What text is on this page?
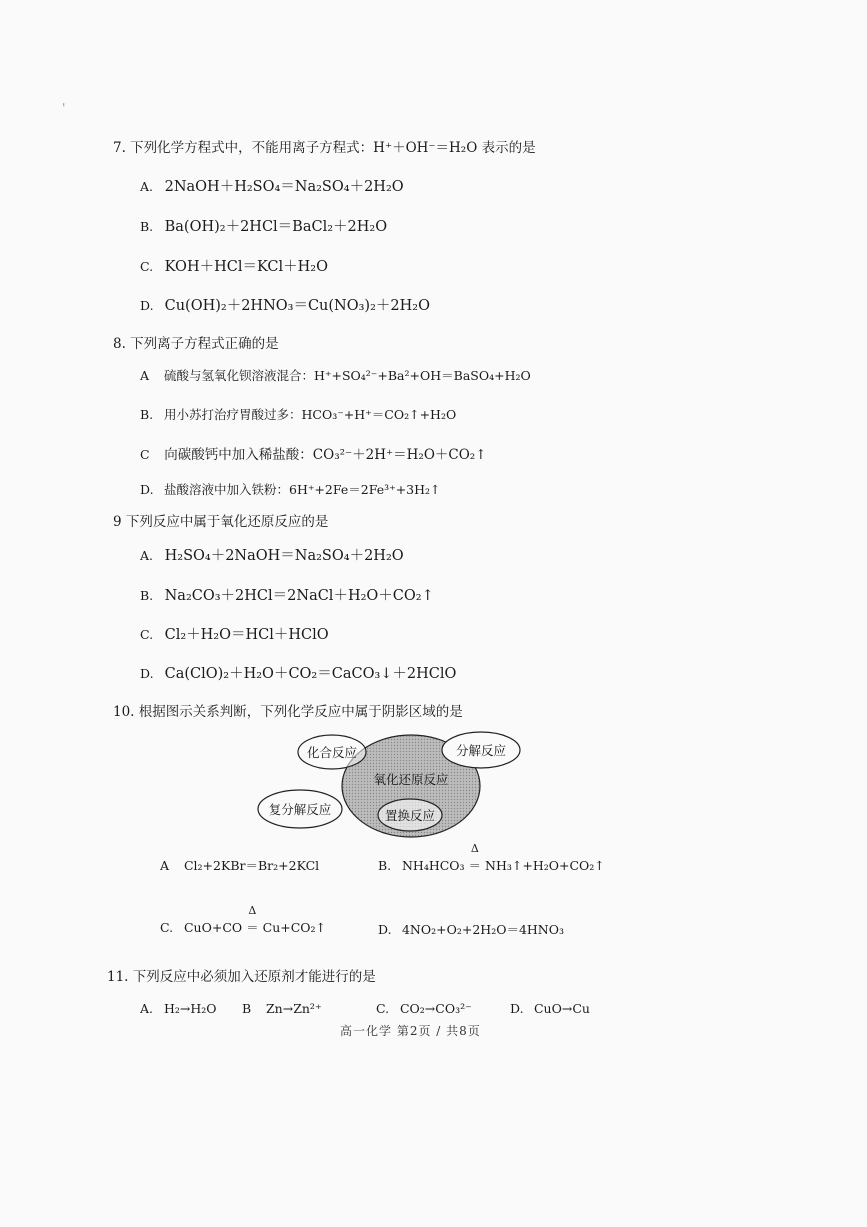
'
7. 下列化学方程式中，不能用离子方程式：H⁺＋OH⁻＝H₂O 表示的是
A. 2NaOH＋H₂SO₄＝Na₂SO₄＋2H₂O
B. Ba(OH)₂＋2HCl＝BaCl₂＋2H₂O
C. KOH＋HCl＝KCl＋H₂O
D. Cu(OH)₂＋2HNO₃＝Cu(NO₃)₂＋2H₂O
8. 下列离子方程式正确的是
A 硫酸与氢氧化钡溶液混合：H⁺+SO₄²⁻+Ba²+OH＝BaSO₄+H₂O
B. 用小苏打治疗胃酸过多：HCO₃⁻+H⁺＝CO₂↑+H₂O
C 向碳酸钙中加入稀盐酸：CO₃²⁻＋2H⁺＝H₂O＋CO₂↑
D. 盐酸溶液中加入铁粉：6H⁺+2Fe＝2Fe³⁺+3H₂↑
9 下列反应中属于氧化还原反应的是
A. H₂SO₄＋2NaOH＝Na₂SO₄＋2H₂O
B. Na₂CO₃＋2HCl＝2NaCl＋H₂O＋CO₂↑
C. Cl₂＋H₂O＝HCl＋HClO
D. Ca(ClO)₂＋H₂O＋CO₂＝CaCO₃↓＋2HClO
10. 根据图示关系判断，下列化学反应中属于阴影区域的是
化合反应	分解反应
氧化还原反应
复分解反应	置换反应
A Cl₂+2KBr＝Br₂+2KCl	B. NH₄HCO₃
Δ
＝ NH₃↑+H₂O+CO₂↑
C. CuO+CO
Δ
＝ Cu+CO₂↑	D. 4NO₂+O₂+2H₂O＝4HNO₃
11. 下列反应中必须加入还原剂才能进行的是
A. H₂→H₂O B Zn→Zn²⁺	C. CO₂→CO₃²⁻	D. CuO→Cu
高一化学 第2页 / 共8页
